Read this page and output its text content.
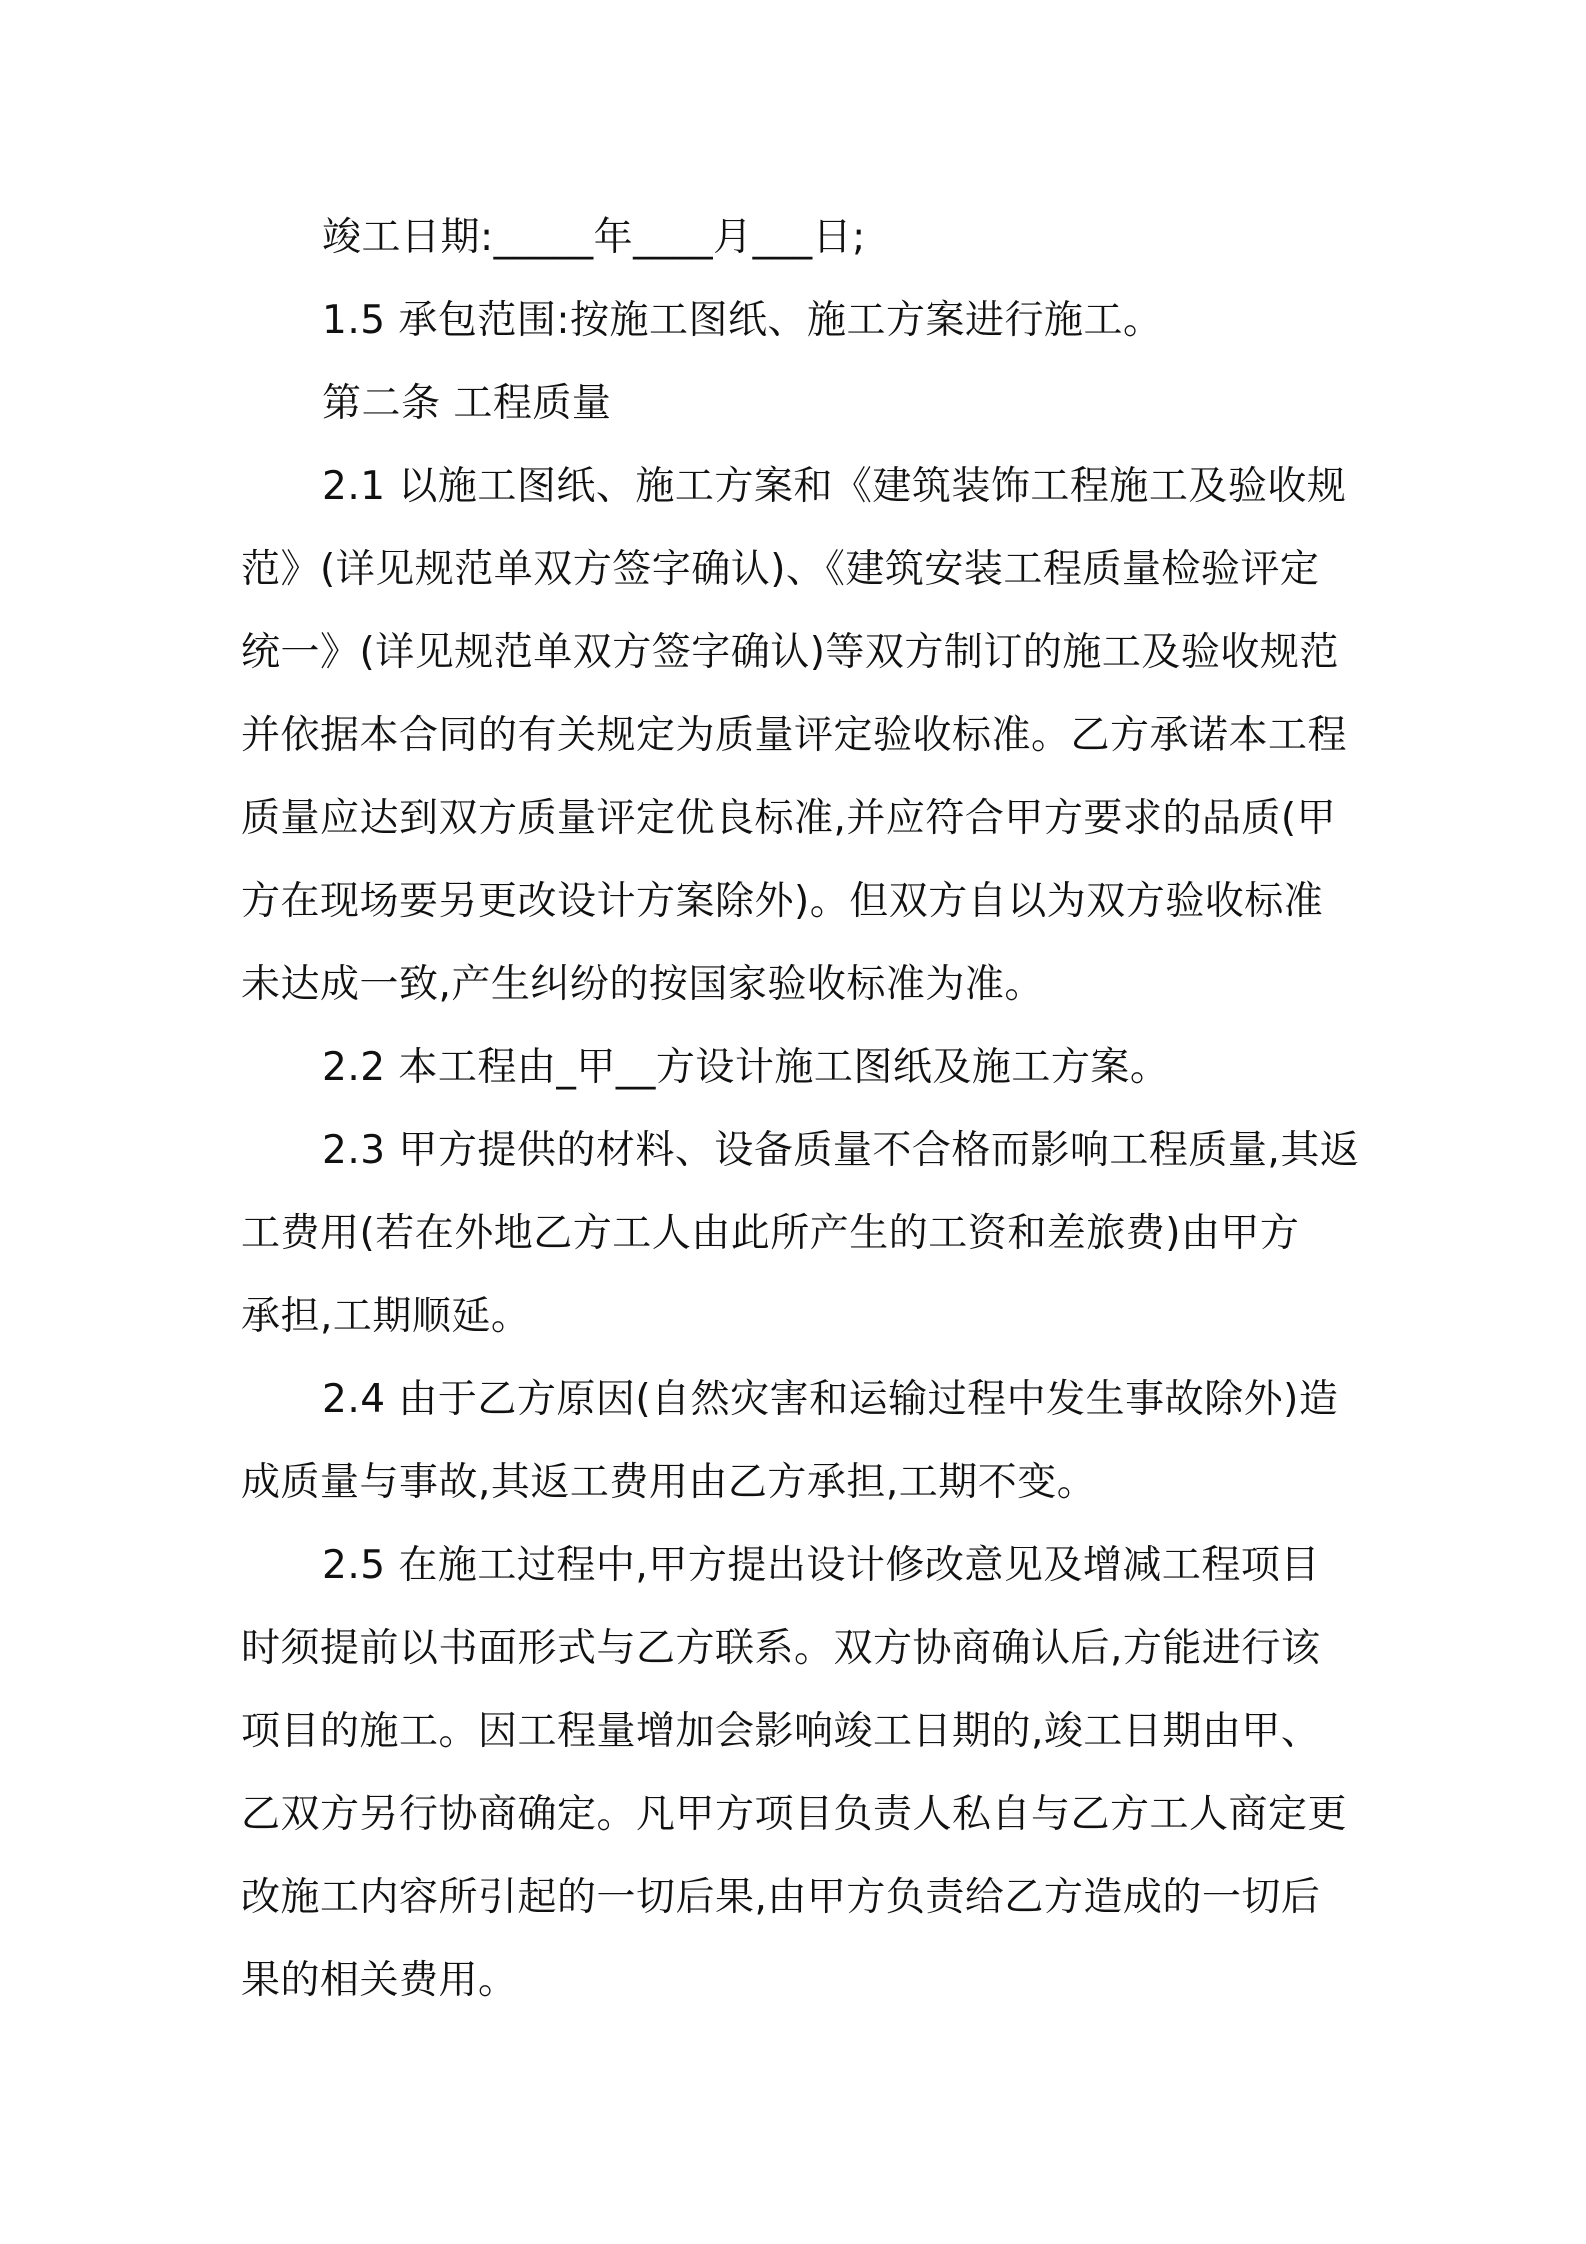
竣工日期:_____年____月___日;

1.5 承包范围:按施工图纸、施工方案进行施工。

第二条 工程质量

2.1 以施工图纸、施工方案和《建筑装饰工程施工及验收规

范》(详见规范单双方签字确认)、《建筑安装工程质量检验评定

统一》(详见规范单双方签字确认)等双方制订的施工及验收规范

并依据本合同的有关规定为质量评定验收标准。乙方承诺本工程

质量应达到双方质量评定优良标准,并应符合甲方要求的品质(甲

方在现场要另更改设计方案除外)。但双方自以为双方验收标准

未达成一致,产生纠纷的按国家验收标准为准。

2.2 本工程由_甲__方设计施工图纸及施工方案。

2.3 甲方提供的材料、设备质量不合格而影响工程质量,其返

工费用(若在外地乙方工人由此所产生的工资和差旅费)由甲方

承担,工期顺延。

2.4 由于乙方原因(自然灾害和运输过程中发生事故除外)造

成质量与事故,其返工费用由乙方承担,工期不变。

2.5 在施工过程中,甲方提出设计修改意见及增减工程项目

时须提前以书面形式与乙方联系。双方协商确认后,方能进行该

项目的施工。因工程量增加会影响竣工日期的,竣工日期由甲、

乙双方另行协商确定。凡甲方项目负责人私自与乙方工人商定更

改施工内容所引起的一切后果,由甲方负责给乙方造成的一切后

果的相关费用。
